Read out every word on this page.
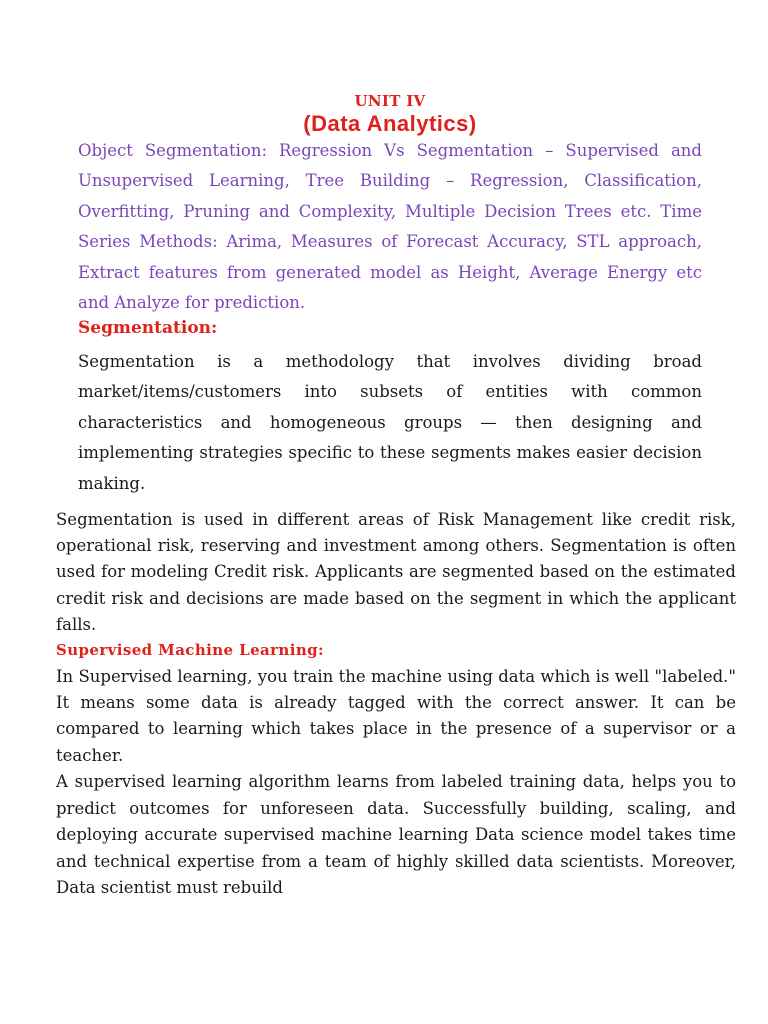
UNIT IV
(Data Analytics)
Object Segmentation: Regression Vs Segmentation – Supervised and Unsupervised Learning, Tree Building – Regression, Classification, Overfitting, Pruning and Complexity, Multiple Decision Trees etc. Time Series Methods: Arima, Measures of Forecast Accuracy, STL approach, Extract features from generated model as Height, Average Energy etc and Analyze for prediction.
Segmentation:
Segmentation is a methodology that involves dividing broad market/items/customers into subsets of entities with common characteristics and homogeneous groups — then designing and implementing strategies specific to these segments makes easier decision making.
Segmentation is used in different areas of Risk Management like credit risk, operational risk, reserving and investment among others. Segmentation is often used for modeling Credit risk. Applicants are segmented based on the estimated credit risk and decisions are made based on the segment in which the applicant falls.
Supervised Machine Learning:
In Supervised learning, you train the machine using data which is well "labeled." It means some data is already tagged with the correct answer. It can be compared to learning which takes place in the presence of a supervisor or a teacher.
A supervised learning algorithm learns from labeled training data, helps you to predict outcomes for unforeseen data. Successfully building, scaling, and deploying accurate supervised machine learning Data science model takes time and technical expertise from a team of highly skilled data scientists. Moreover, Data scientist must rebuild
